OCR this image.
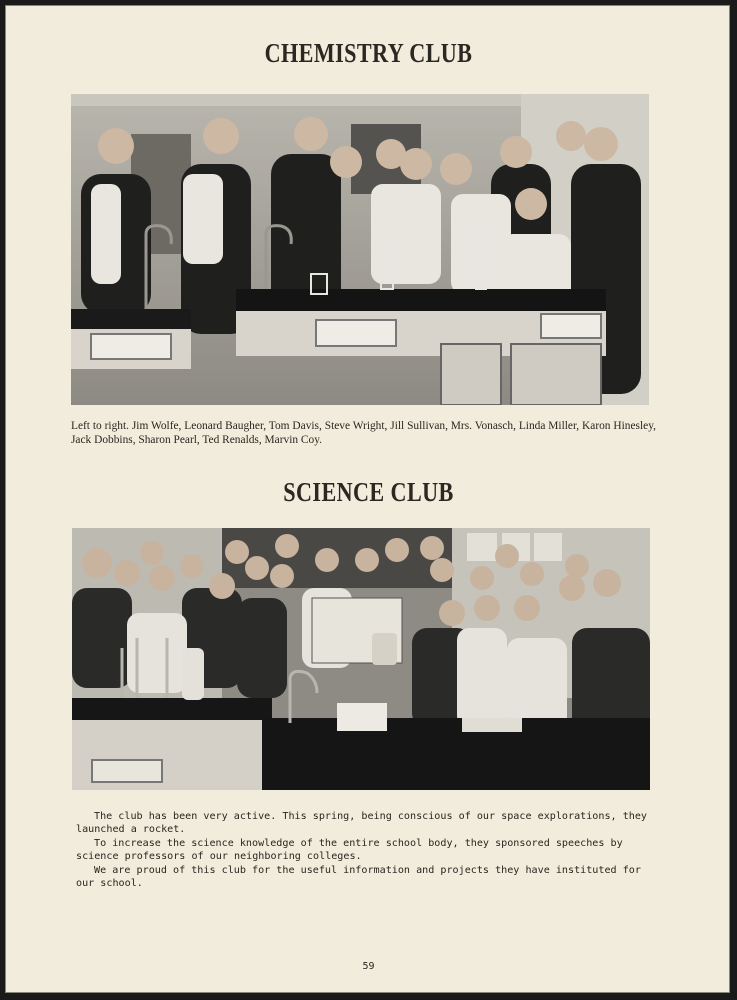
CHEMISTRY CLUB
Left to right. Jim Wolfe, Leonard Baugher, Tom Davis, Steve Wright, Jill Sullivan, Mrs. Vonasch, Linda Miller, Karon Hinesley, Jack Dobbins, Sharon Pearl, Ted Renalds, Marvin Coy.
SCIENCE CLUB

The club has been very active. This spring, being conscious of our space explorations, they launched a rocket.

To increase the science knowledge of the entire school body, they sponsored speeches by science professors of our neighboring colleges.

We are proud of this club for the useful information and projects they have instituted for our school.

59
